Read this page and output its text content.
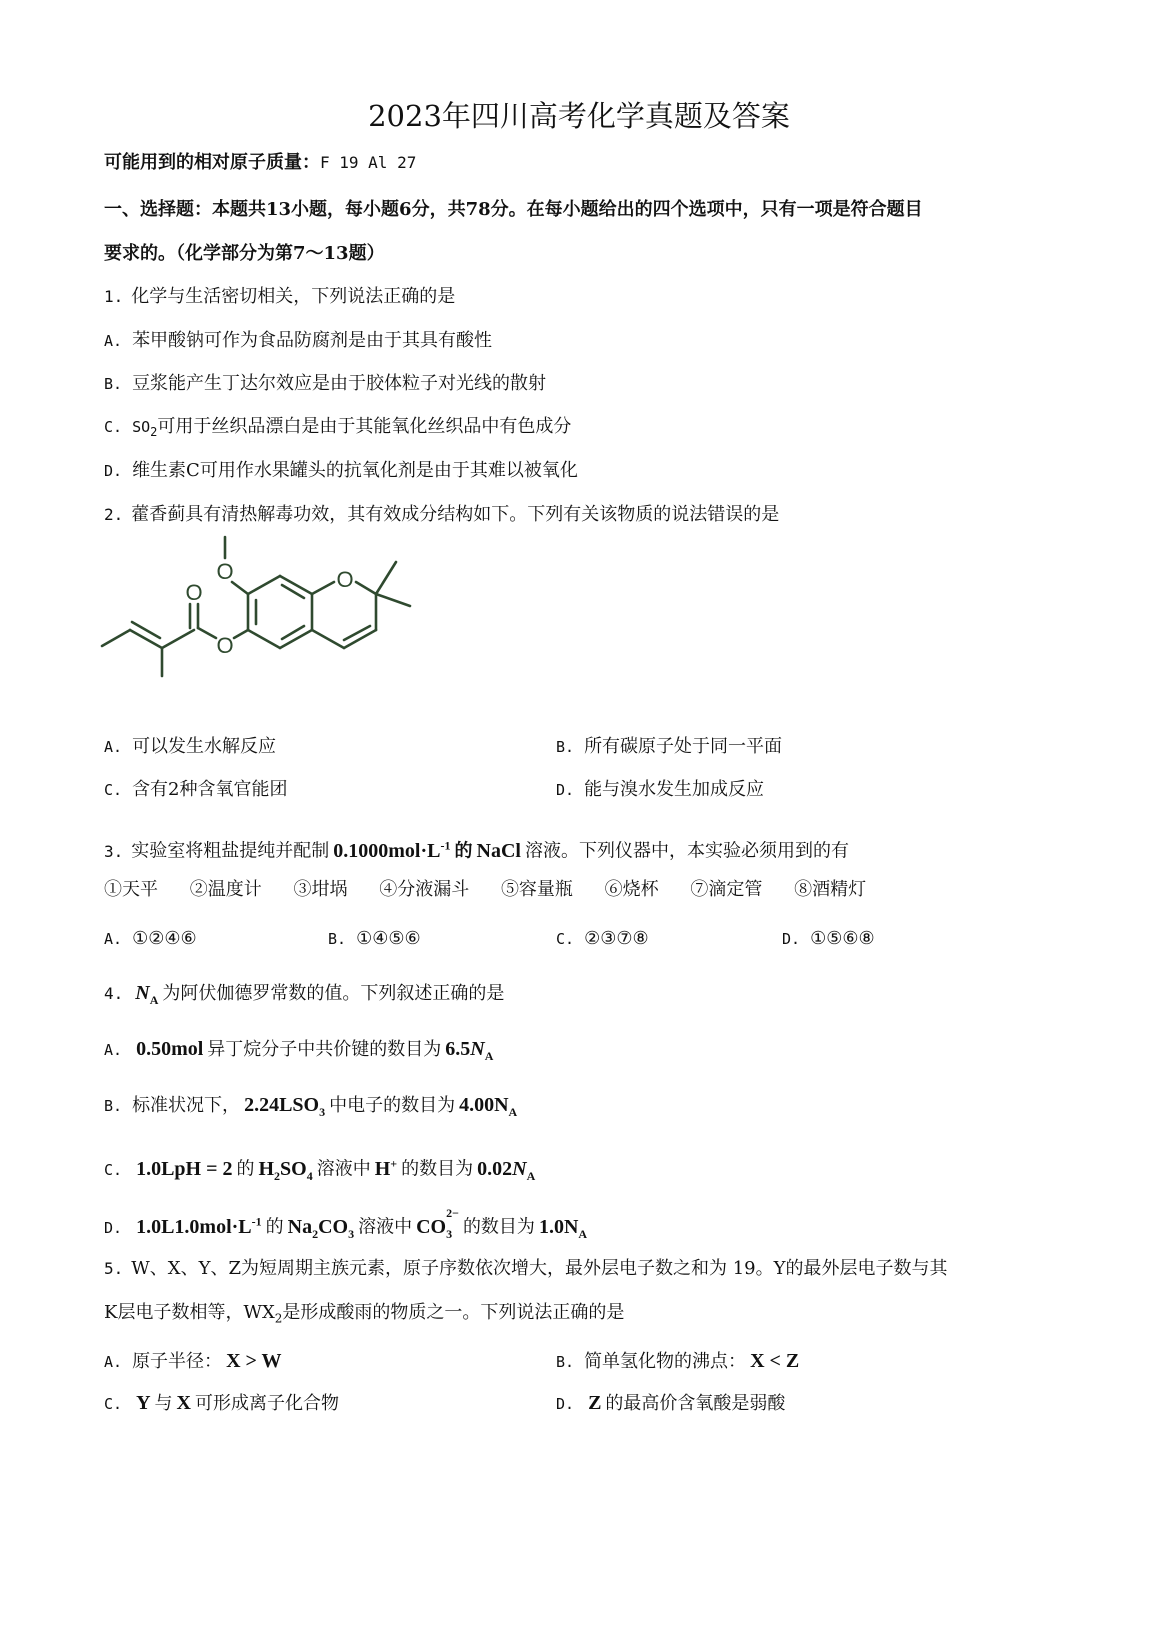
2023年四川高考化学真题及答案
可能用到的相对原子质量：F 19 Al 27
一、选择题：本题共13小题，每小题6分，共78分。在每小题给出的四个选项中，只有一项是符合题目
要求的。（化学部分为第7～13题）
1. 化学与生活密切相关，下列说法正确的是
A. 苯甲酸钠可作为食品防腐剂是由于其具有酸性
B. 豆浆能产生丁达尔效应是由于胶体粒子对光线的散射
C. $SO_2$可用于丝织品漂白是由于其能氧化丝织品中有色成分
D. 维生素C可用作水果罐头的抗氧化剂是由于其难以被氧化
2. 藿香蓟具有清热解毒功效，其有效成分结构如下。下列有关该物质的说法错误的是
O	O
O
O
A. 可以发生水解反应	B. 所有碳原子处于同一平面
C. 含有2种含氧官能团	D. 能与溴水发生加成反应
3. 实验室将粗盐提纯并配制 $0.1000mol\cdot L^{-1}$ 的 NaCl 溶液。下列仪器中，本实验必须用到的有
①天平 ②温度计 ③坩埚 ④分液漏斗 ⑤容量瓶 ⑥烧杯 ⑦滴定管 ⑧酒精灯
A. ①②④⑥	B. ①④⑤⑥	C. ②③⑦⑧	D. ①⑤⑥⑧
4. $N_A$ 为阿伏伽德罗常数的值。下列叙述正确的是
A. 0.50mol 异丁烷分子中共价键的数目为 $6.5N_A$
B. 标准状况下， $2.24LSO_3$ 中电子的数目为 $4.00N_A$
C. 1.0LpH = 2 的 $H_2SO_4$ 溶液中 H+ 的数目为 $0.02N_A$
D. $1.0L1.0mol\cdot L^{-1}$ 的 $Na_2CO_3$ 溶液中 $CO_3^{2-}$的数目为 $1.0N_A$
5. W、X、Y、Z为短周期主族元素，原子序数依次增大，最外层电子数之和为 19。Y的最外层电子数与其
K层电子数相等，$WX_2$是形成酸雨的物质之一。下列说法正确的是
A. 原子半径： X > W	B. 简单氢化物的沸点： X < Z
C. Y 与 X 可形成离子化合物	D. Z 的最高价含氧酸是弱酸
